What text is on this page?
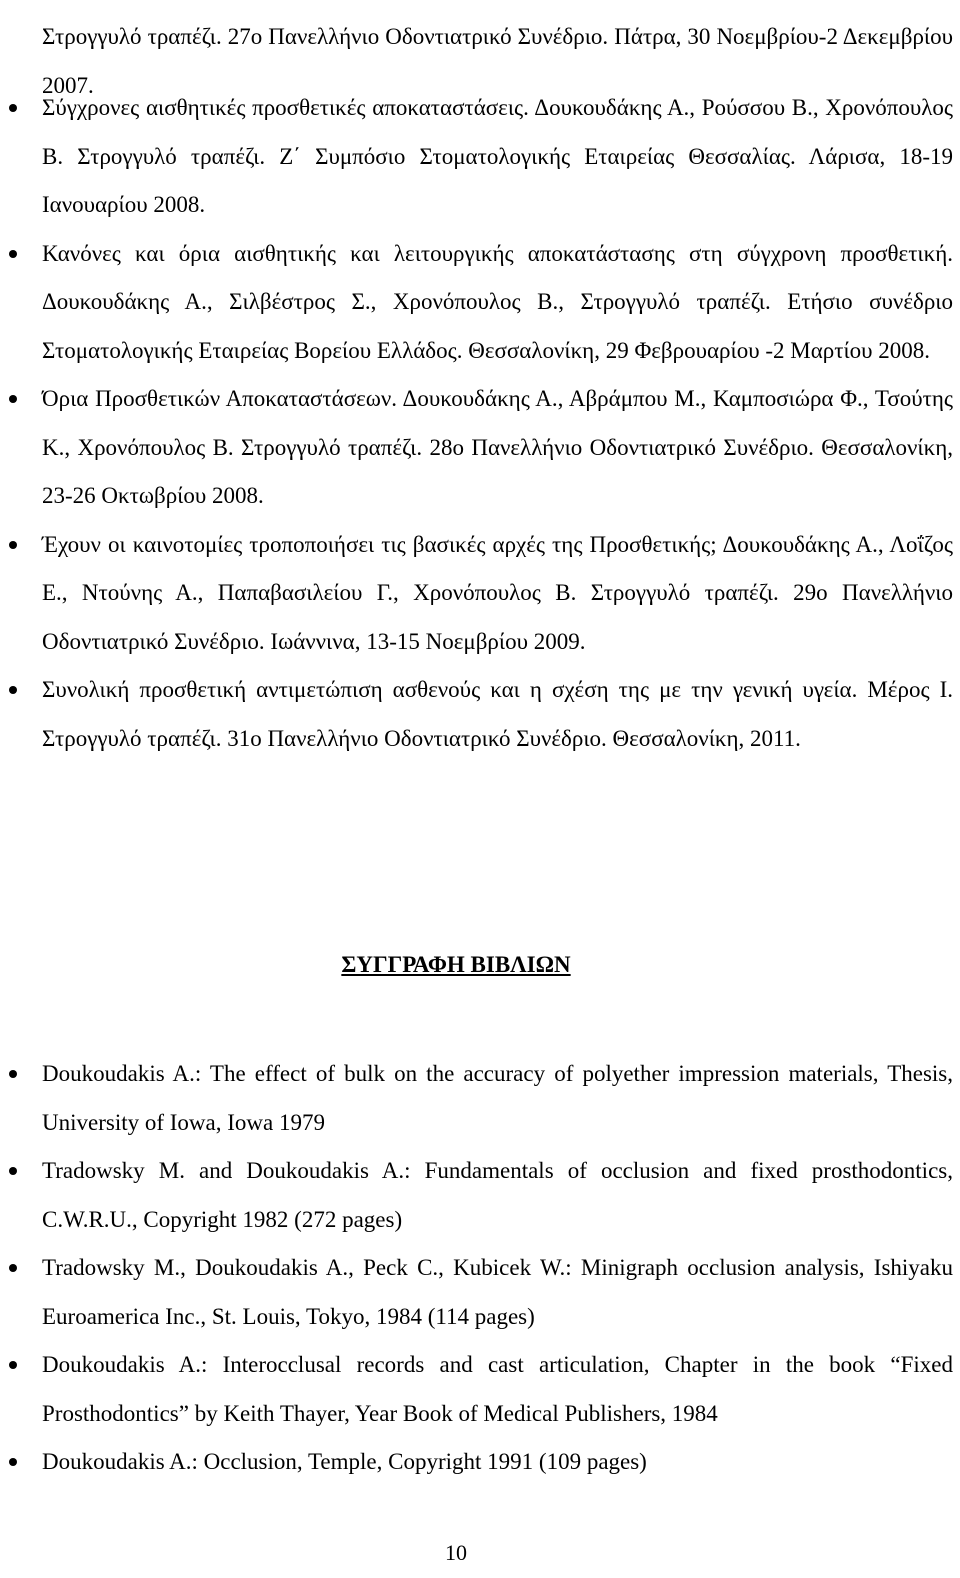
Στρογγυλό τραπέζι. 27ο Πανελλήνιο Οδοντιατρικό Συνέδριο. Πάτρα, 30 Νοεμβρίου-2 Δεκεμβρίου 2007.

Σύγχρονες αισθητικές προσθετικές αποκαταστάσεις. Δουκουδάκης Α., Ρούσσου Β., Χρονόπουλος Β. Στρογγυλό τραπέζι. Ζ΄ Συμπόσιο Στοματολογικής Εταιρείας Θεσσαλίας. Λάρισα, 18-19 Ιανουαρίου 2008.
Κανόνες και όρια αισθητικής και λειτουργικής αποκατάστασης στη σύγχρονη προσθετική. Δουκουδάκης Α., Σιλβέστρος Σ., Χρονόπουλος Β., Στρογγυλό τραπέζι. Ετήσιο συνέδριο Στοματολογικής Εταιρείας Βορείου Ελλάδος. Θεσσαλονίκη, 29 Φεβρουαρίου -2 Μαρτίου 2008.
Όρια Προσθετικών Αποκαταστάσεων. Δουκουδάκης Α., Αβράμπου Μ., Καμποσιώρα Φ., Τσούτης Κ., Χρονόπουλος Β. Στρογγυλό τραπέζι. 28ο Πανελλήνιο Οδοντιατρικό Συνέδριο. Θεσσαλονίκη, 23-26 Οκτωβρίου 2008.
Έχουν οι καινοτομίες τροποποιήσει τις βασικές αρχές της Προσθετικής; Δουκουδάκης Α., Λοΐζος Ε., Ντούνης Α., Παπαβασιλείου Γ., Χρονόπουλος Β. Στρογγυλό τραπέζι. 29ο Πανελλήνιο Οδοντιατρικό Συνέδριο. Ιωάννινα, 13-15 Νοεμβρίου 2009.
Συνολική προσθετική αντιμετώπιση ασθενούς και η σχέση της με την γενική υγεία. Μέρος Ι. Στρογγυλό τραπέζι. 31ο Πανελλήνιο Οδοντιατρικό Συνέδριο. Θεσσαλονίκη, 2011.
ΣΥΓΓΡΑΦΗ ΒΙΒΛΙΩΝ
Doukoudakis A.: The effect of bulk on the accuracy of polyether impression materials, Thesis, University of Iowa, Iowa 1979
Tradowsky M. and Doukoudakis A.: Fundamentals of occlusion and fixed prosthodontics, C.W.R.U., Copyright 1982 (272 pages)
Tradowsky M., Doukoudakis A., Peck C., Kubicek W.: Minigraph occlusion analysis, Ishiyaku Euroamerica Inc., St. Louis, Tokyo, 1984 (114 pages)
Doukoudakis A.: Interocclusal records and cast articulation, Chapter in the book “Fixed Prosthodontics” by Keith Thayer, Year Book of Medical Publishers, 1984
Doukoudakis A.: Occlusion, Temple, Copyright 1991 (109 pages)
10
